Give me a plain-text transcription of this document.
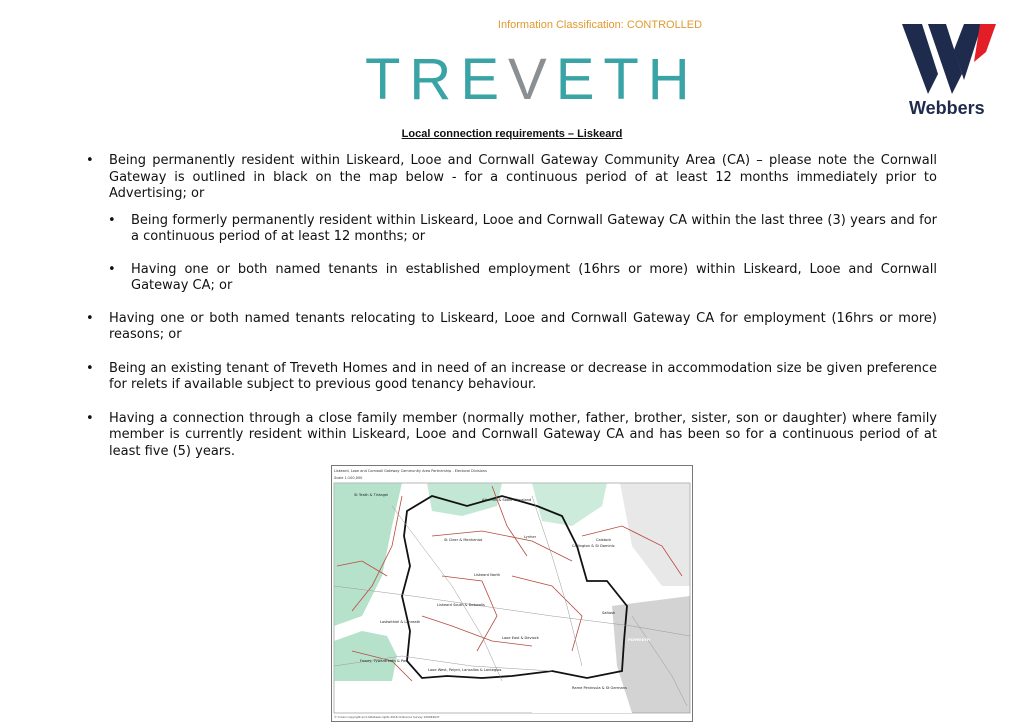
Information Classification: CONTROLLED
TREVETH	Webbers
Local connection requirements – Liskeard
• Being permanently resident within Liskeard, Looe and Cornwall Gateway Community Area (CA) – please note the Cornwall Gateway is outlined in black on the map below - for a continuous period of at least 12 months immediately prior to Advertising; or
• Being formerly permanently resident within Liskeard, Looe and Cornwall Gateway CA within the last three (3) years and for a continuous period of at least 12 months; or
• Having one or both named tenants in established employment (16hrs or more) within Liskeard, Looe and Cornwall Gateway CA; or
• Having one or both named tenants relocating to Liskeard, Looe and Cornwall Gateway CA for employment (16hrs or more) reasons; or
• Being an existing tenant of Treveth Homes and in need of an increase or decrease in accommodation size be given preference for relets if available subject to previous good tenancy behaviour.
• Having a connection through a close family member (normally mother, father, brother, sister, son or daughter) where family member is currently resident within Liskeard, Looe and Cornwall Gateway CA and has been so for a continuous period of at least five (5) years.
Liskeard, Looe and Cornwall Gateway Community Area Partnership - Electoral Divisions
Scale 1:100,000
St Teath & Tintagel
Altarnun & Stoke Climsland
Lynher
Callington & St Dominic
St Cleer & Menheniot
Liskeard North
Liskeard South & Dobwalls
Lostwithiel & Lanreath
Looe West, Pelynt, Lansallos & Lanteglos
Looe East & Deviock
Rame Peninsula & St Germans
Saltash
PLYMOUTH
Fowey, Tywardreath & Par
Calstock
© Crown copyright and database rights 2016 Ordnance Survey 100049047
